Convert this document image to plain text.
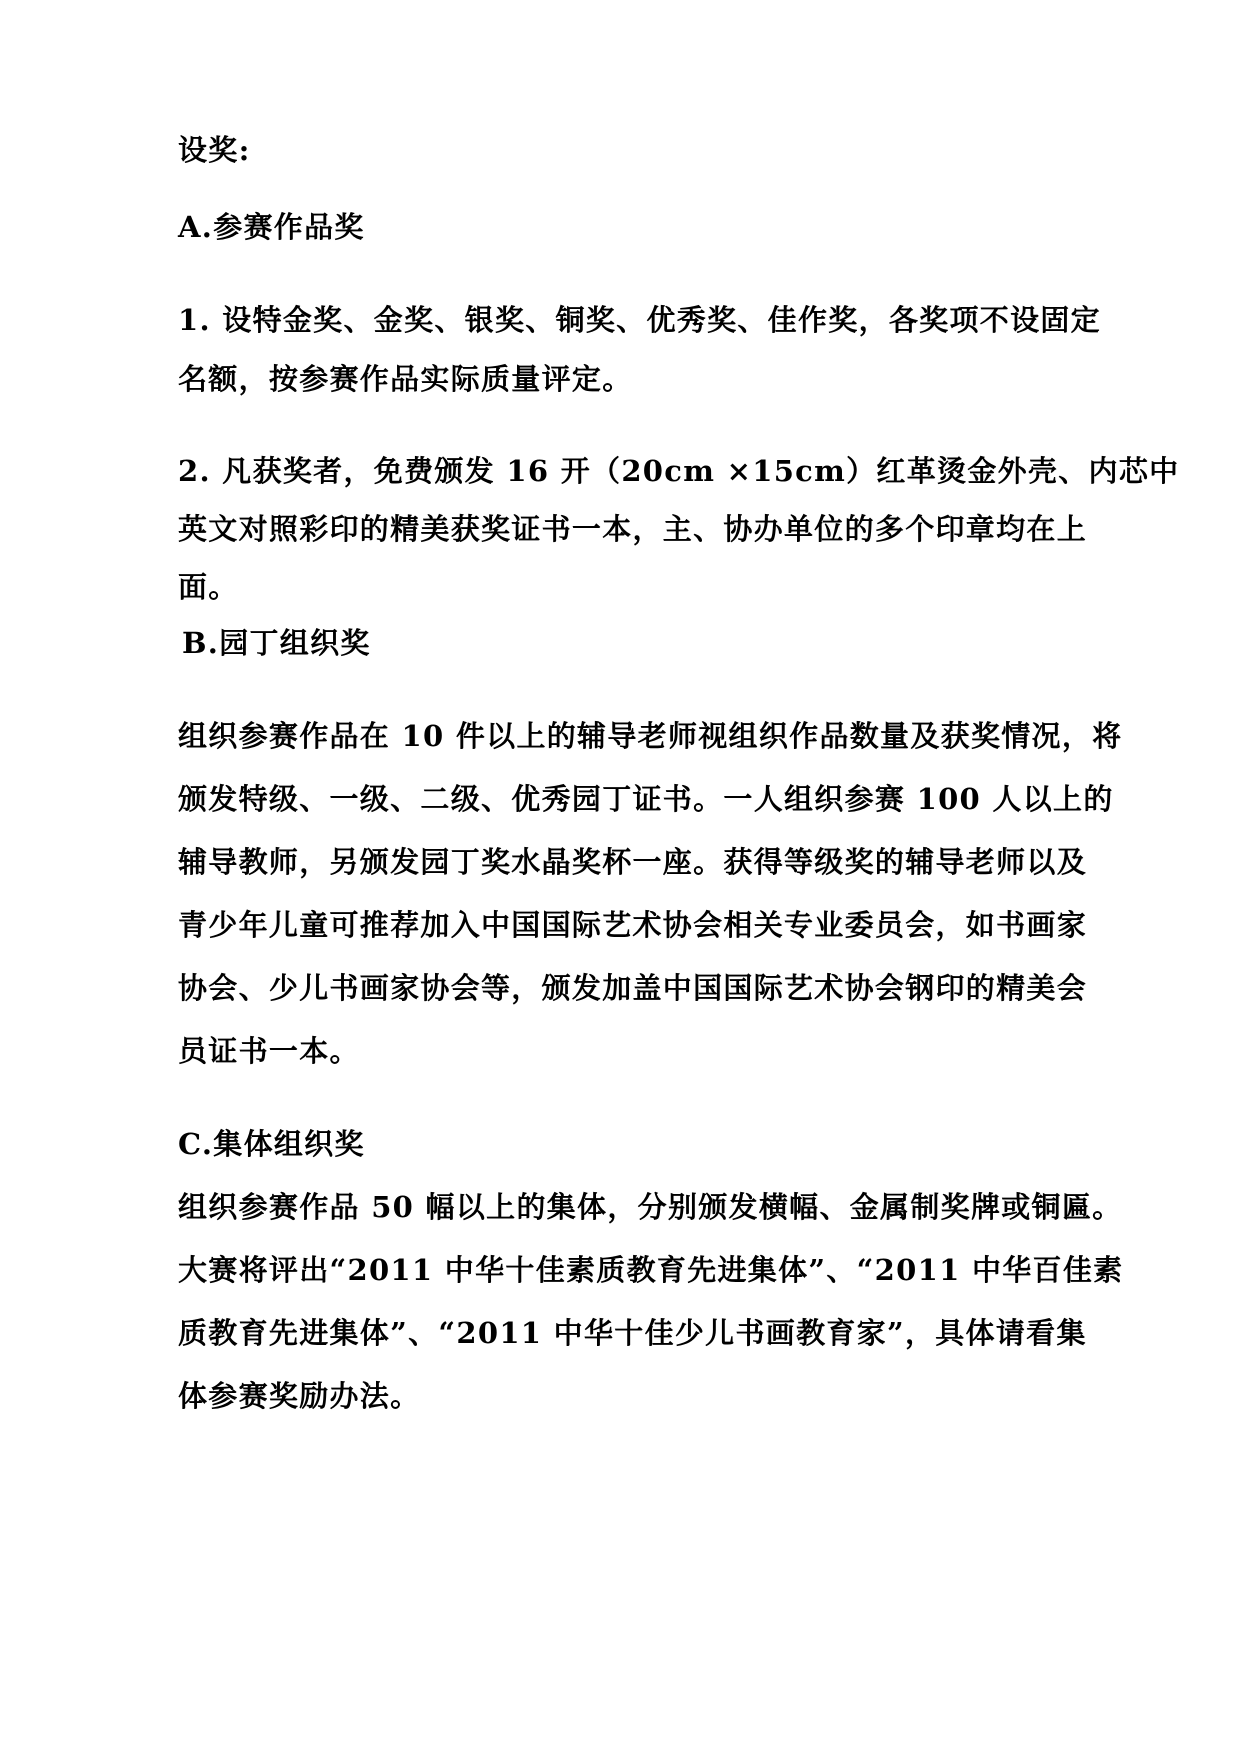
设奖:
A.参赛作品奖
1. 设特金奖、金奖、银奖、铜奖、优秀奖、佳作奖，各奖项不设固定
名额，按参赛作品实际质量评定。
2. 凡获奖者，免费颁发 16 开（20cm ×15cm）红革烫金外壳、内芯中
英文对照彩印的精美获奖证书一本，主、协办单位的多个印章均在上
面。
B.园丁组织奖
组织参赛作品在 10 件以上的辅导老师视组织作品数量及获奖情况，将
颁发特级、一级、二级、优秀园丁证书。一人组织参赛 100 人以上的
辅导教师，另颁发园丁奖水晶奖杯一座。获得等级奖的辅导老师以及
青少年儿童可推荐加入中国国际艺术协会相关专业委员会，如书画家
协会、少儿书画家协会等，颁发加盖中国国际艺术协会钢印的精美会
员证书一本。
C.集体组织奖
组织参赛作品 50 幅以上的集体，分别颁发横幅、金属制奖牌或铜匾。
大赛将评出“2011 中华十佳素质教育先进集体”、“2011 中华百佳素
质教育先进集体”、“2011 中华十佳少儿书画教育家”，具体请看集
体参赛奖励办法。
